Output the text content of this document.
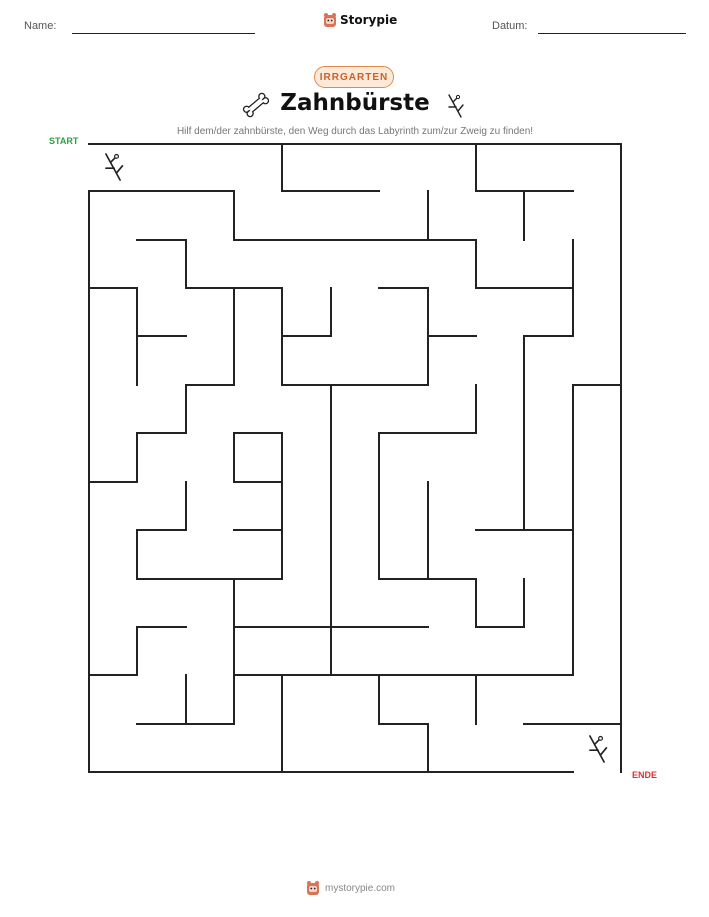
Name:	Storypie	Datum:
IRRGARTEN
Zahnbürste
Hilf dem/der zahnbürste, den Weg durch das Labyrinth zum/zur Zweig zu finden!
START
ENDE
mystorypie.com
